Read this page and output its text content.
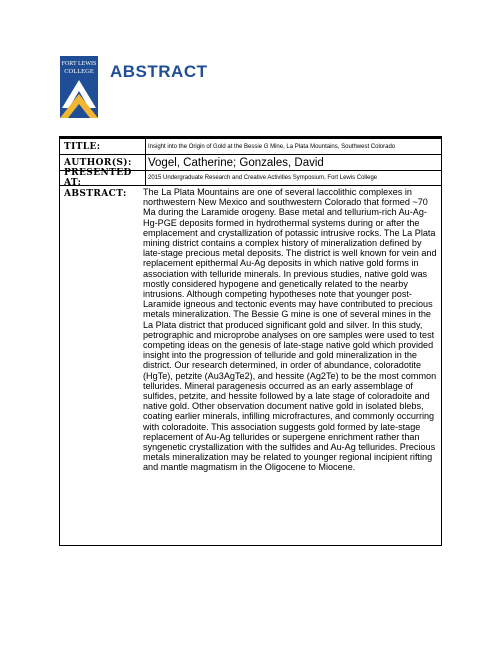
FORT LEWIS
COLLEGE ABSTRACT
TITLE:	Insight into the Origin of Gold at the Bessie G Mine, La Plata Mountains, Southwest Colorado
AUTHOR(S):	Vogel, Catherine; Gonzales, David
PRESENTED AT:	2015 Undergraduate Research and Creative Activities Symposium, Fort Lewis College
ABSTRACT:	The La Plata Mountains are one of several laccolithic complexes in northwestern New Mexico and southwestern Colorado that formed ~70 Ma during the Laramide orogeny. Base metal and tellurium-rich Au-Ag-Hg-PGE deposits formed in hydrothermal systems during or after the emplacement and crystallization of potassic intrusive rocks. The La Plata mining district contains a complex history of mineralization defined by late-stage precious metal deposits. The district is well known for vein and replacement epithermal Au-Ag deposits in which native gold forms in association with telluride minerals. In previous studies, native gold was mostly considered hypogene and genetically related to the nearby intrusions. Although competing hypotheses note that younger post-Laramide igneous and tectonic events may have contributed to precious metals mineralization. The Bessie G mine is one of several mines in the La Plata district that produced significant gold and silver. In this study, petrographic and microprobe analyses on ore samples were used to test competing ideas on the genesis of late-stage native gold which provided insight into the progression of telluride and gold mineralization in the district. Our research determined, in order of abundance, coloradotite (HgTe), petzite (Au3AgTe2), and hessite (Ag2Te) to be the most common tellurides. Mineral paragenesis occurred as an early assemblage of sulfides, petzite, and hessite followed by a late stage of coloradoite and native gold. Other observation document native gold in isolated blebs, coating earlier minerals, infilling microfractures, and commonly occurring with coloradoite. This association suggests gold formed by late-stage replacement of Au-Ag tellurides or supergene enrichment rather than syngenetic crystallization with the sulfides and Au-Ag tellurides. Precious metals mineralization may be related to younger regional incipient rifting and mantle magmatism in the Oligocene to Miocene.
